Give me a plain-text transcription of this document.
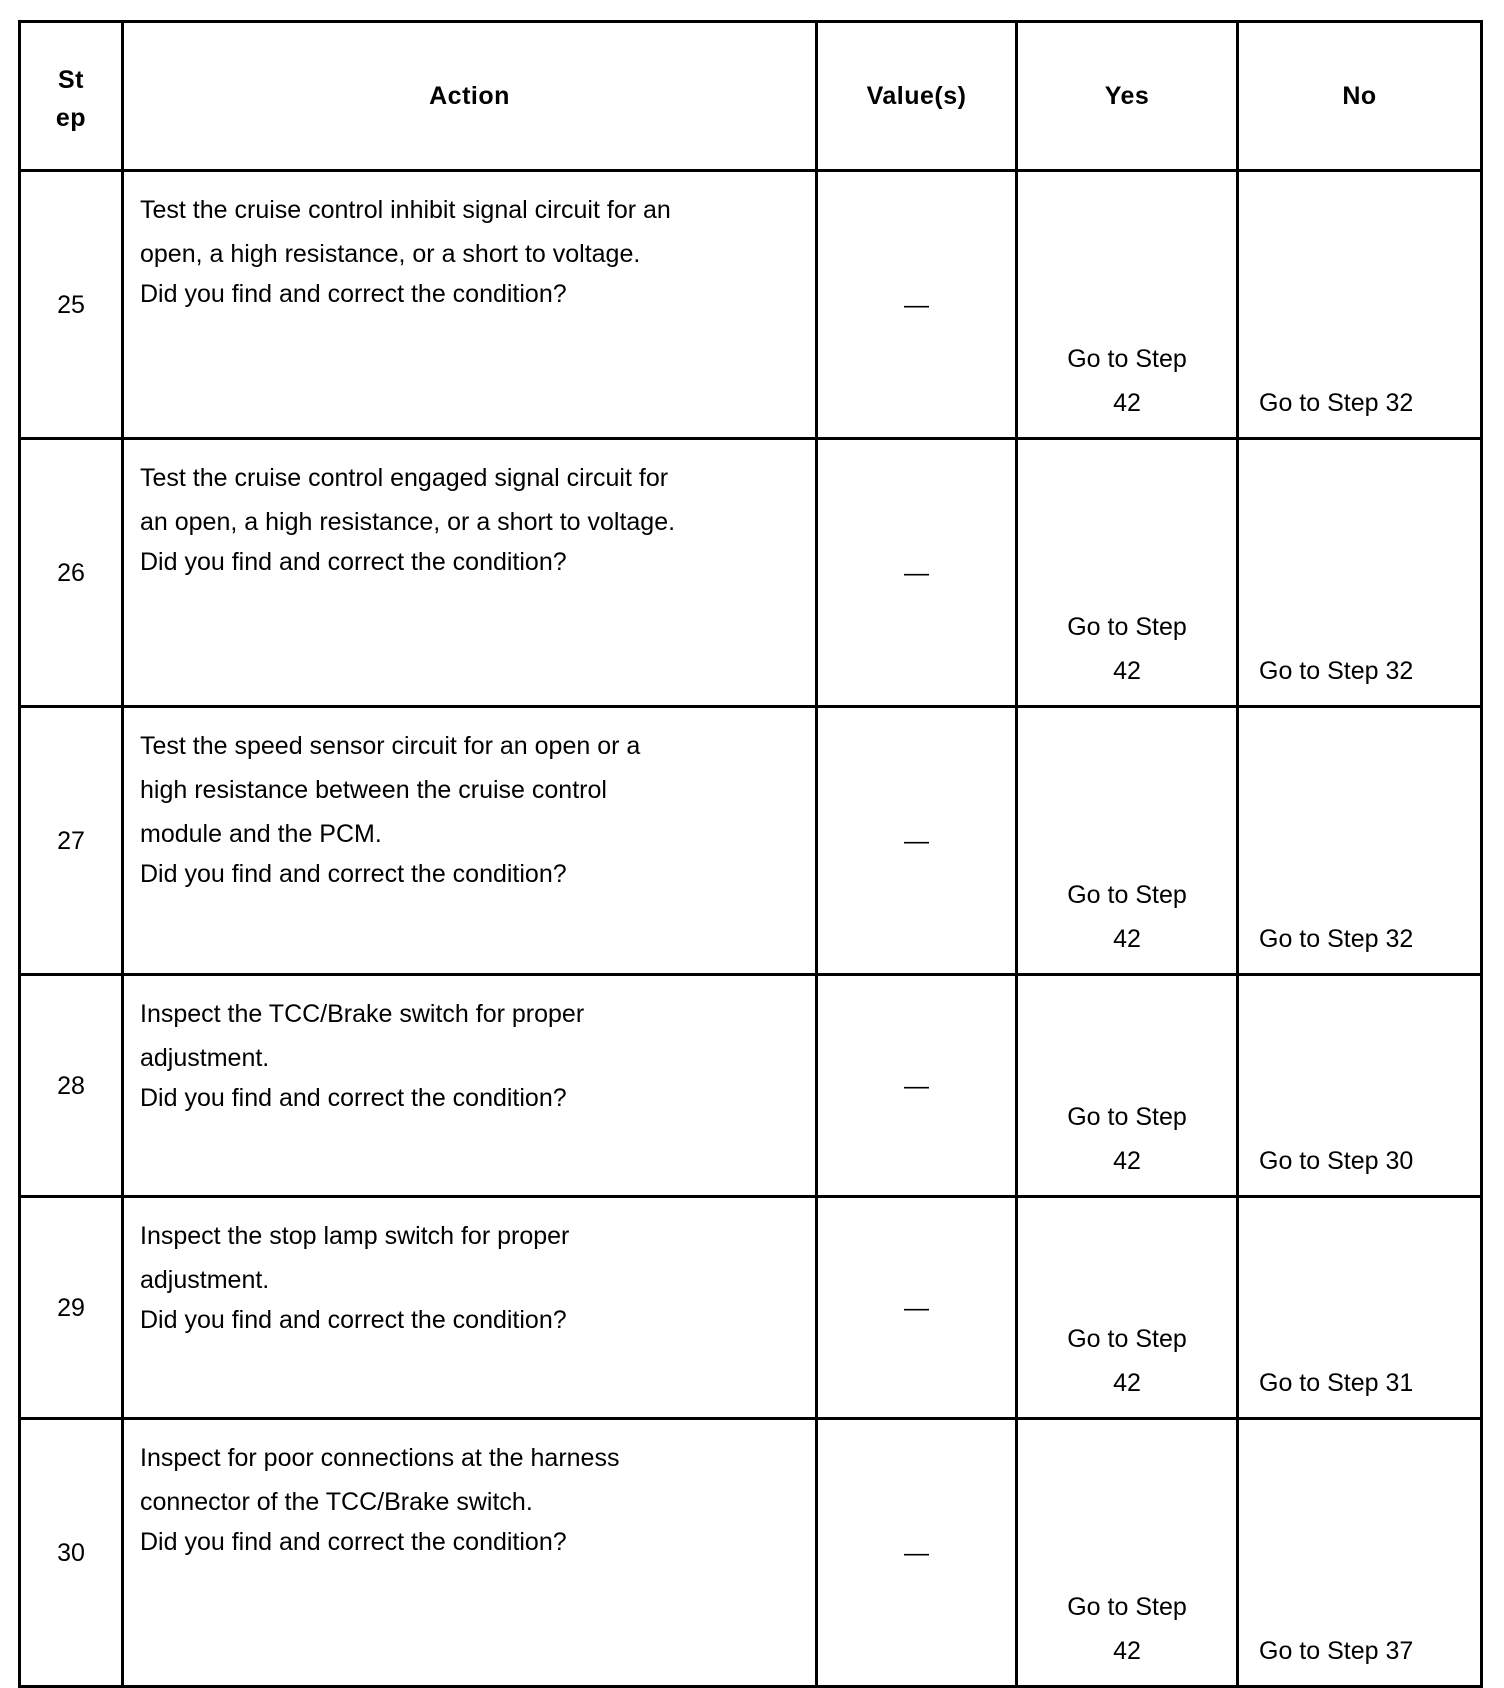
St
ep	Action	Value(s)	Yes	No
25	Test the cruise control inhibit signal circuit for an
open, a high resistance, or a short to voltage.
Did you find and correct the condition?	—	Go to Step 42	Go to Step 32
26	Test the cruise control engaged signal circuit for
an open, a high resistance, or a short to voltage.
Did you find and correct the condition?	—	Go to Step 42	Go to Step 32
27	Test the speed sensor circuit for an open or a
high resistance between the cruise control
module and the PCM.
Did you find and correct the condition?	—	Go to Step 42	Go to Step 32
28	Inspect the TCC/Brake switch for proper
adjustment.
Did you find and correct the condition?	—	Go to Step 42	Go to Step 30
29	Inspect the stop lamp switch for proper
adjustment.
Did you find and correct the condition?	—	Go to Step 42	Go to Step 31
30	Inspect for poor connections at the harness
connector of the TCC/Brake switch.
Did you find and correct the condition?	—	Go to Step 42	Go to Step 37
